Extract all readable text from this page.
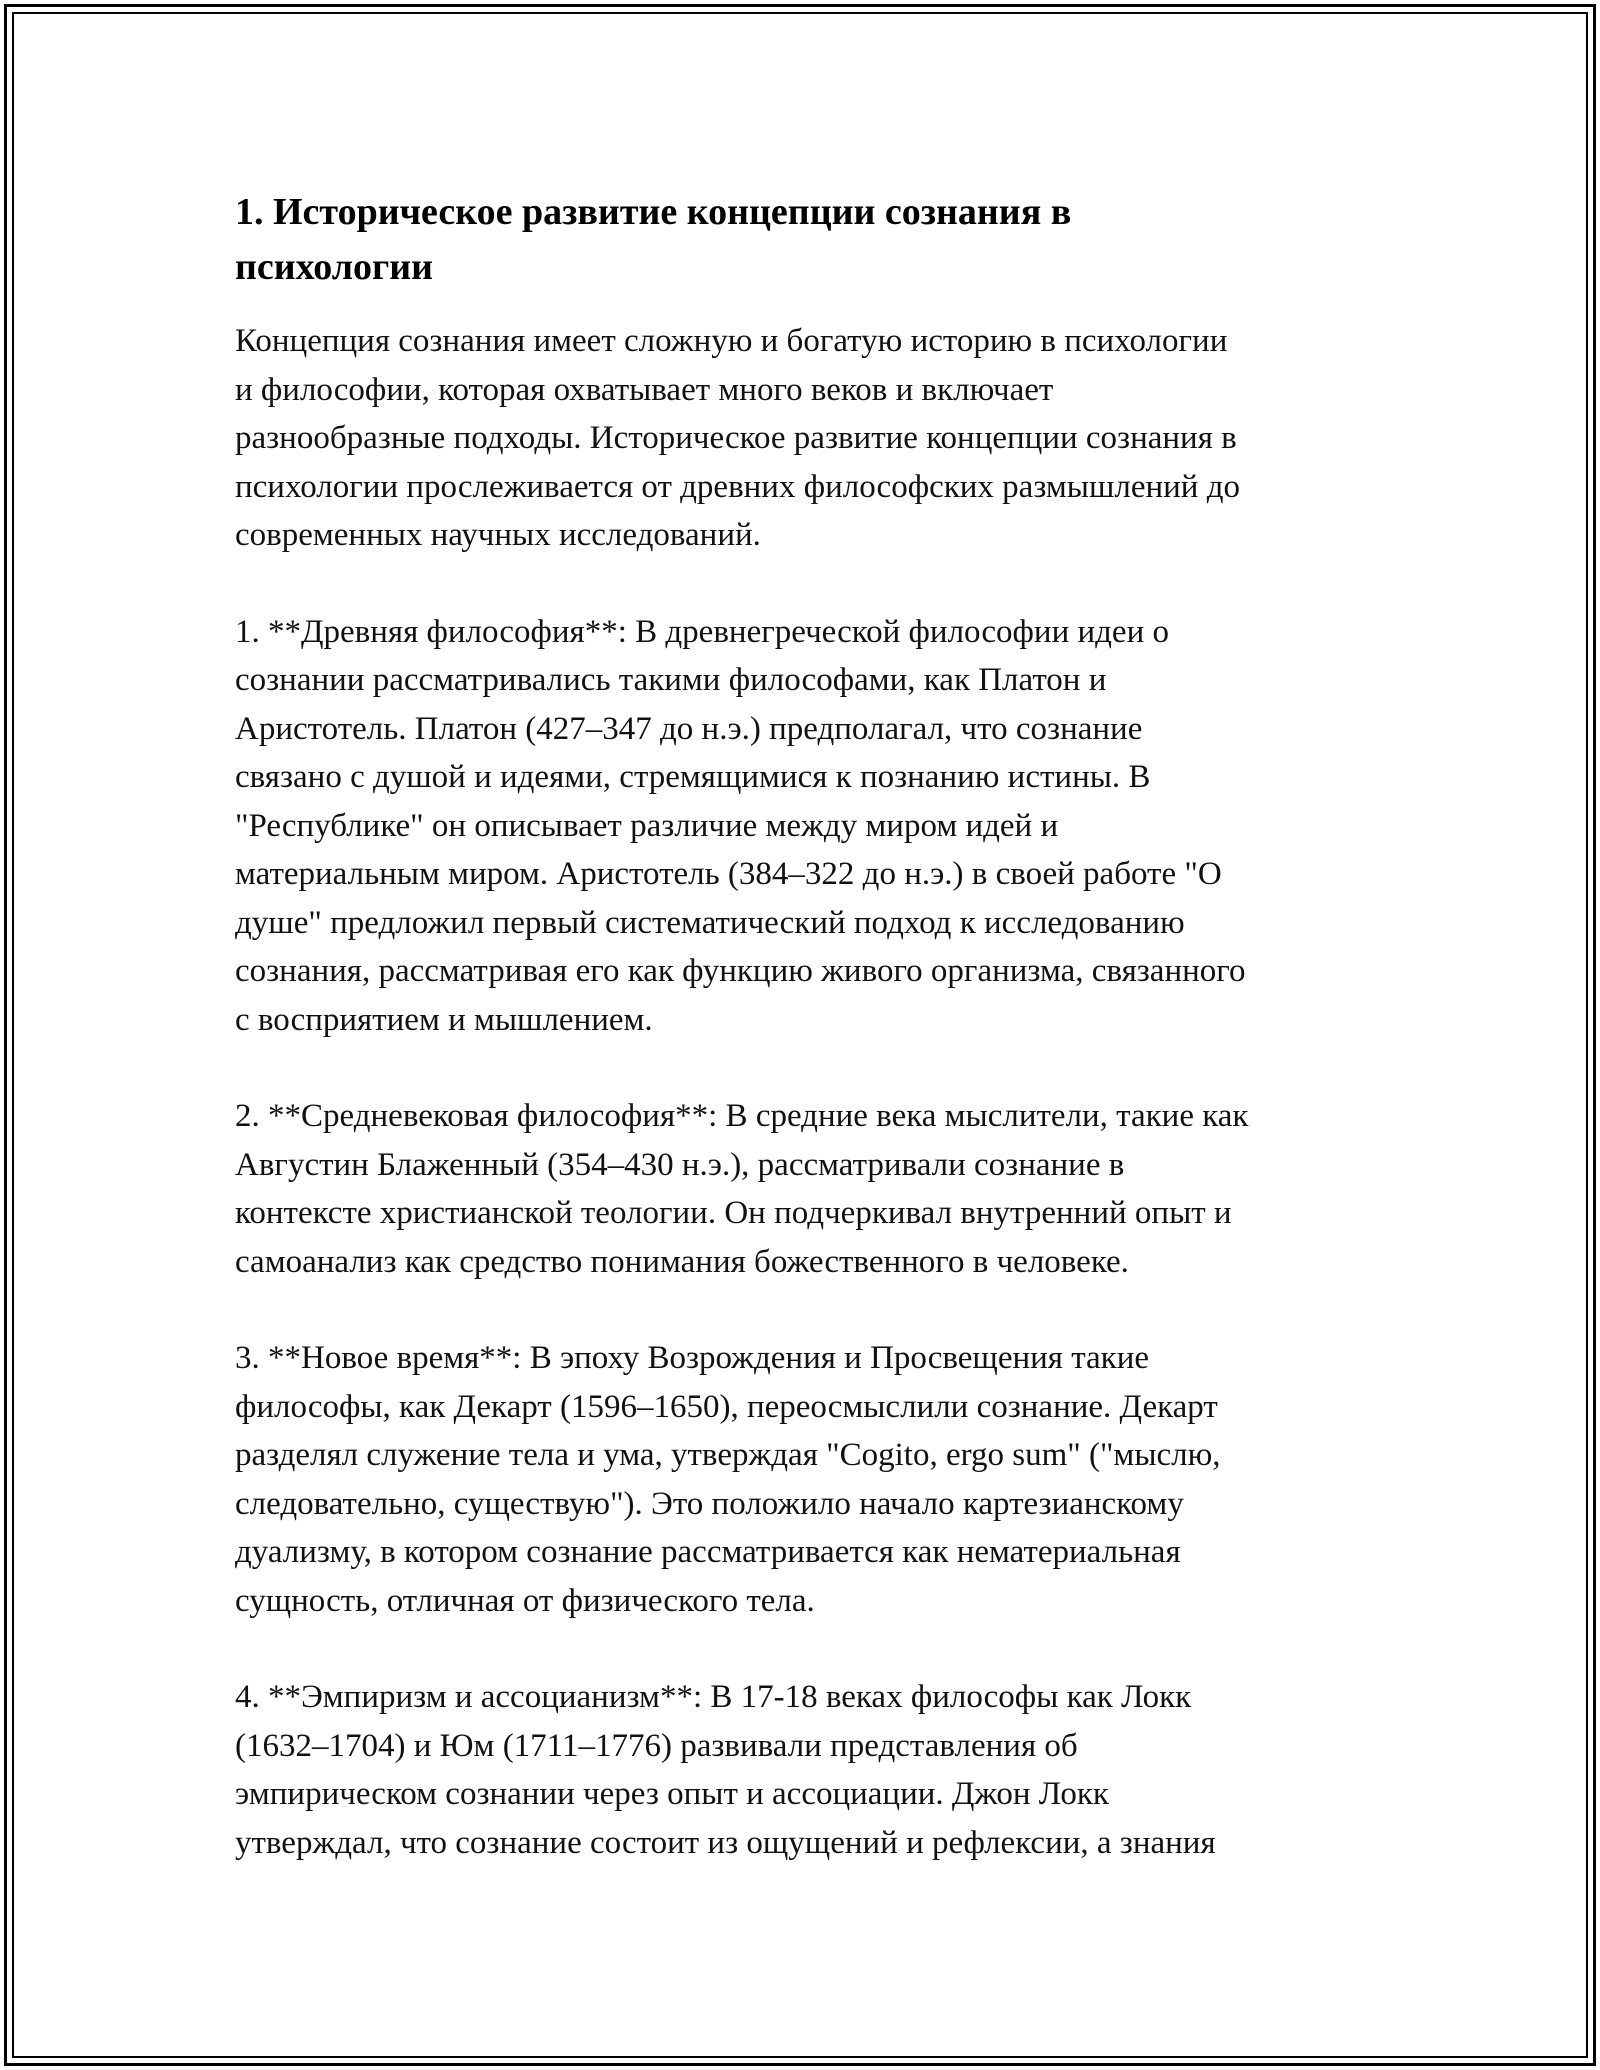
1. Историческое развитие концепции сознания в
психологии
Концепция сознания имеет сложную и богатую историю в психологии
и философии, которая охватывает много веков и включает
разнообразные подходы. Историческое развитие концепции сознания в
психологии прослеживается от древних философских размышлений до
современных научных исследований.
1. **Древняя философия**: В древнегреческой философии идеи о
сознании рассматривались такими философами, как Платон и
Аристотель. Платон (427–347 до н.э.) предполагал, что сознание
связано с душой и идеями, стремящимися к познанию истины. В
"Республике" он описывает различие между миром идей и
материальным миром. Аристотель (384–322 до н.э.) в своей работе "О
душе" предложил первый систематический подход к исследованию
сознания, рассматривая его как функцию живого организма, связанного
с восприятием и мышлением.
2. **Средневековая философия**: В средние века мыслители, такие как
Августин Блаженный (354–430 н.э.), рассматривали сознание в
контексте христианской теологии. Он подчеркивал внутренний опыт и
самоанализ как средство понимания божественного в человеке.
3. **Новое время**: В эпоху Возрождения и Просвещения такие
философы, как Декарт (1596–1650), переосмыслили сознание. Декарт
разделял служение тела и ума, утверждая "Cogito, ergo sum" ("мыслю,
следовательно, существую"). Это положило начало картезианскому
дуализму, в котором сознание рассматривается как нематериальная
сущность, отличная от физического тела.
4. **Эмпиризм и ассоцианизм**: В 17-18 веках философы как Локк
(1632–1704) и Юм (1711–1776) развивали представления об
эмпирическом сознании через опыт и ассоциации. Джон Локк
утверждал, что сознание состоит из ощущений и рефлексии, а знания
